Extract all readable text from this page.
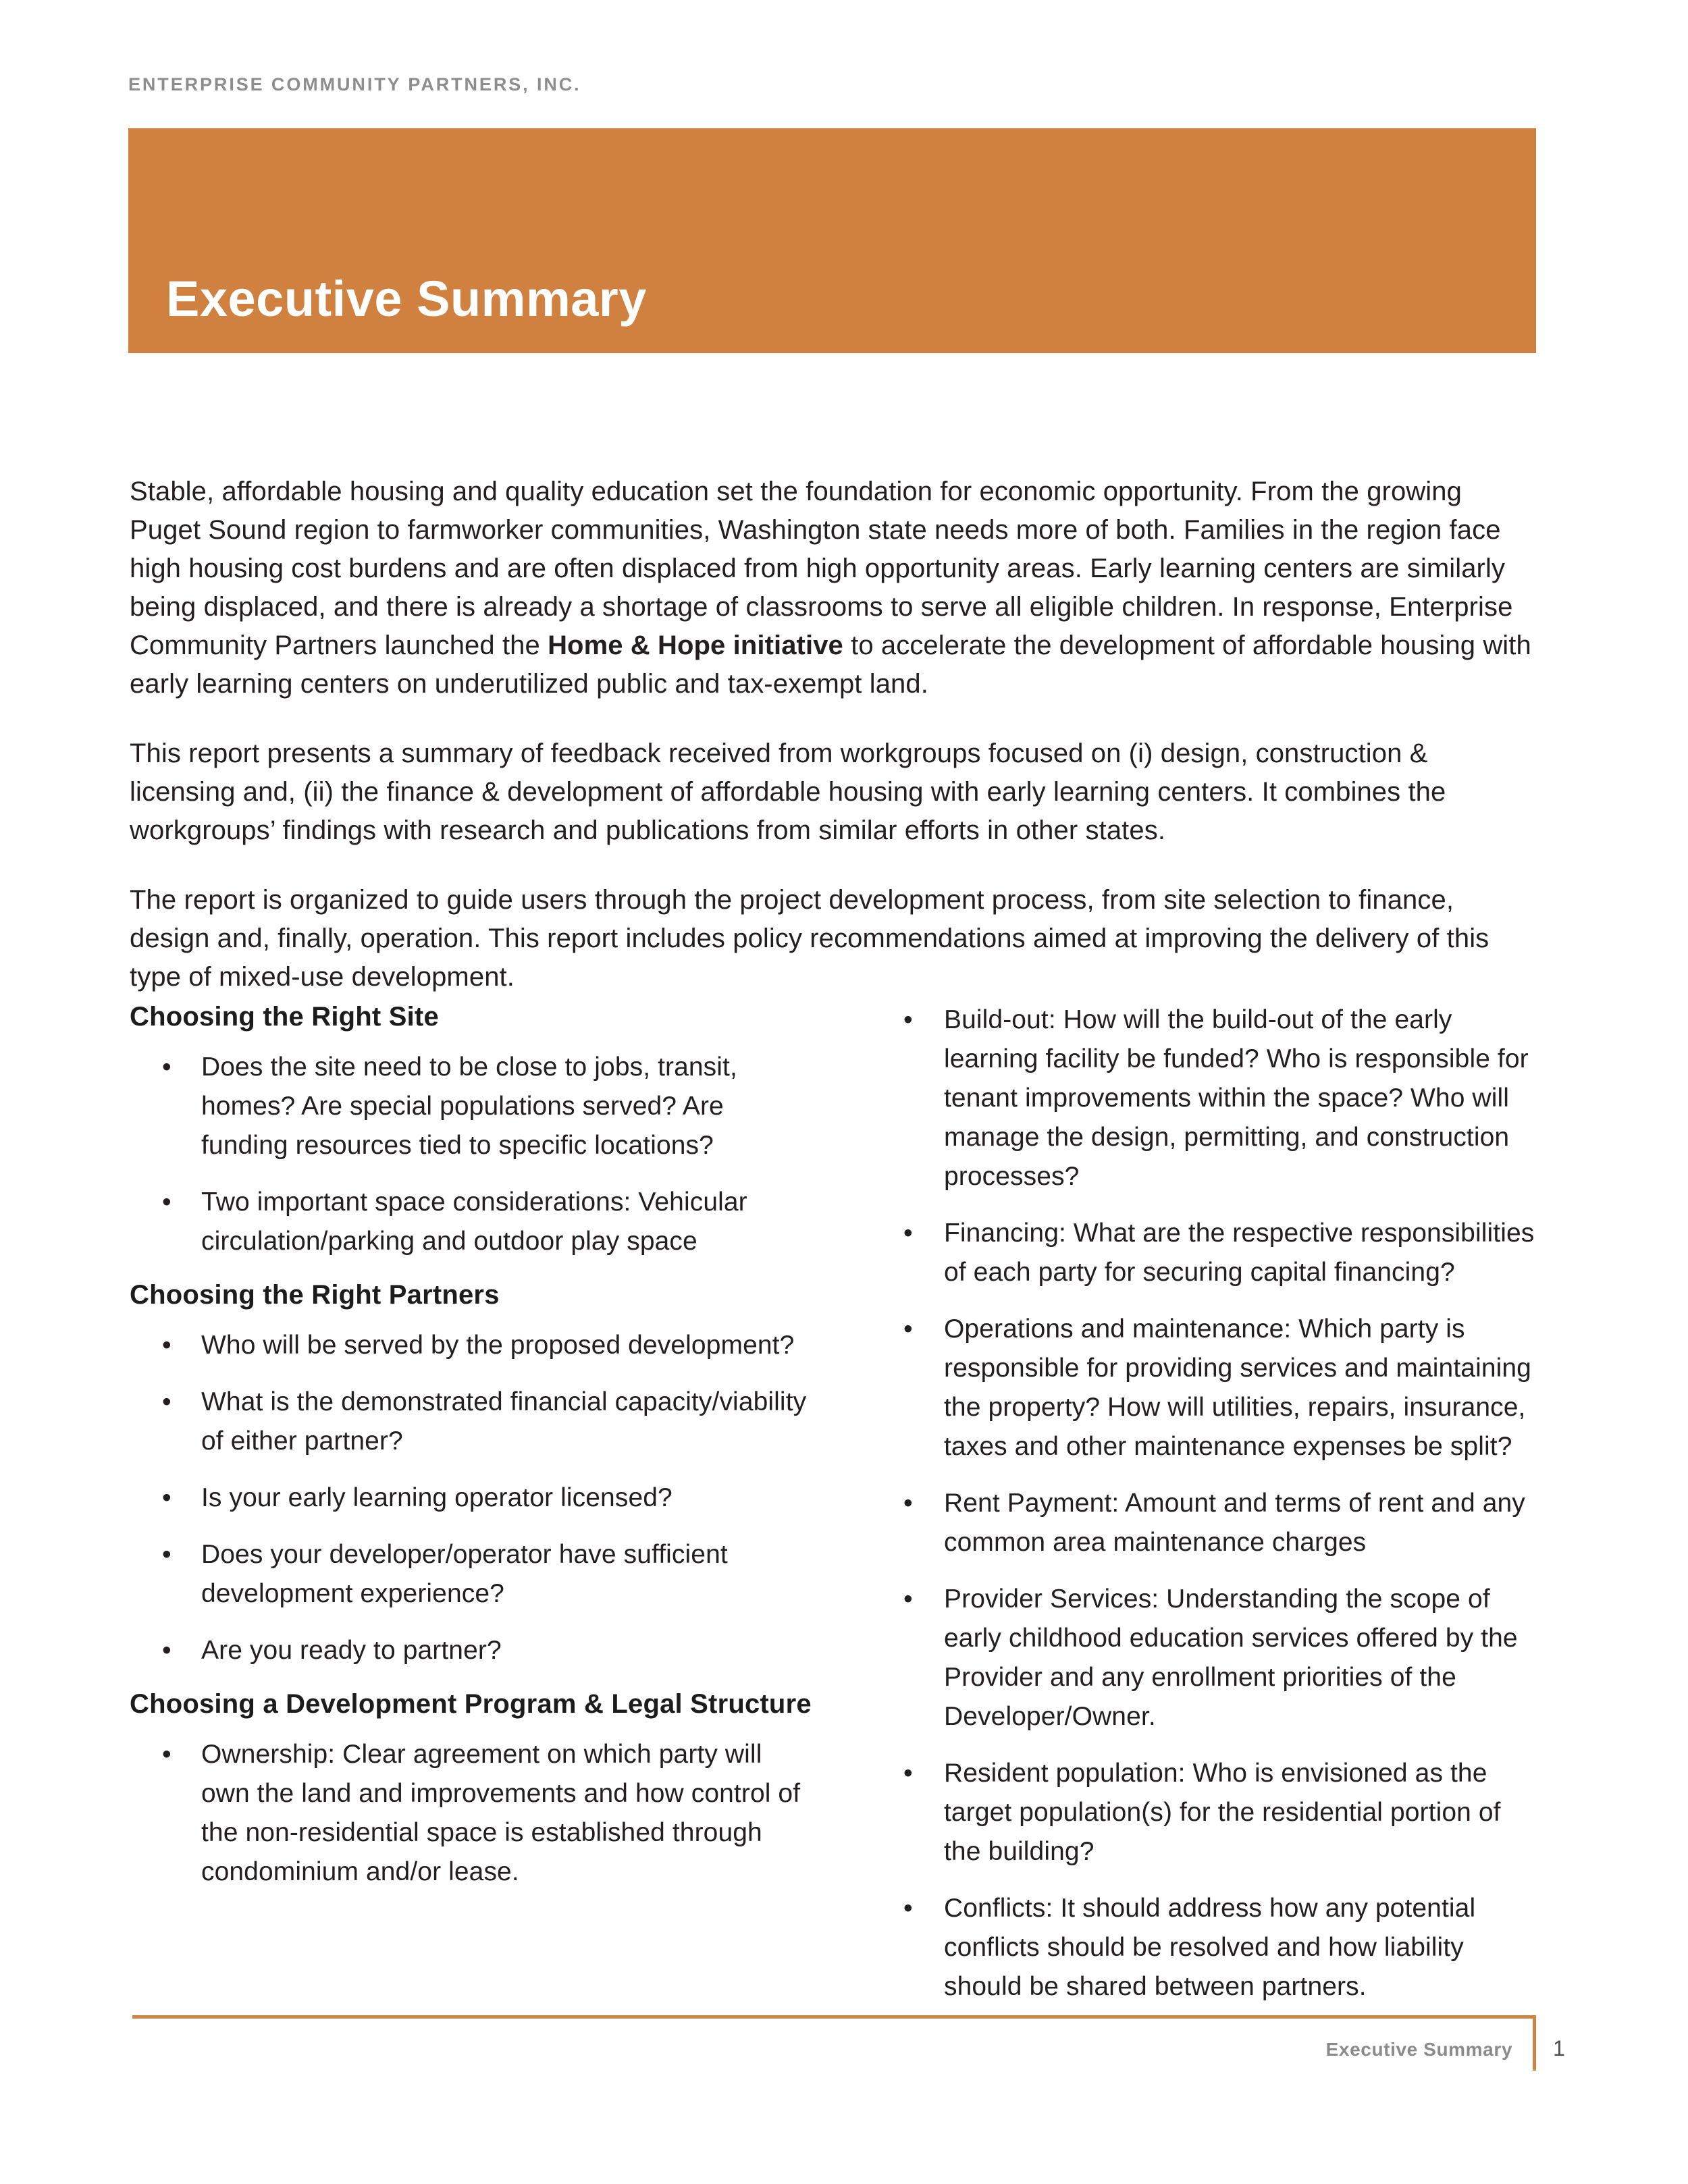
ENTERPRISE COMMUNITY PARTNERS, INC.
Executive Summary

Stable, affordable housing and quality education set the foundation for economic opportunity. From the growing Puget Sound region to farmworker communities, Washington state needs more of both. Families in the region face high housing cost burdens and are often displaced from high opportunity areas. Early learning centers are similarly being displaced, and there is already a shortage of classrooms to serve all eligible children. In response, Enterprise Community Partners launched the Home & Hope initiative to accelerate the development of affordable housing with early learning centers on underutilized public and tax-exempt land.

This report presents a summary of feedback received from workgroups focused on (i) design, construction & licensing and, (ii) the finance & development of affordable housing with early learning centers. It combines the workgroups’ findings with research and publications from similar efforts in other states.

The report is organized to guide users through the project development process, from site selection to finance, design and, finally, operation. This report includes policy recommendations aimed at improving the delivery of this type of mixed-use development.

Choosing the Right Site
• Does the site need to be close to jobs, transit, homes? Are special populations served? Are funding resources tied to specific locations?
• Two important space considerations: Vehicular circulation/parking and outdoor play space
Choosing the Right Partners
• Who will be served by the proposed development?
• What is the demonstrated financial capacity/viability of either partner?
• Is your early learning operator licensed?
• Does your developer/operator have sufficient development experience?
• Are you ready to partner?
Choosing a Development Program & Legal Structure
• Ownership: Clear agreement on which party will own the land and improvements and how control of the non-residential space is established through condominium and/or lease.
• Build-out: How will the build-out of the early learning facility be funded? Who is responsible for tenant improvements within the space? Who will manage the design, permitting, and construction processes?
• Financing: What are the respective responsibilities of each party for securing capital financing?
• Operations and maintenance: Which party is responsible for providing services and maintaining the property? How will utilities, repairs, insurance, taxes and other maintenance expenses be split?
• Rent Payment: Amount and terms of rent and any common area maintenance charges
• Provider Services: Understanding the scope of early childhood education services offered by the Provider and any enrollment priorities of the Developer/Owner.
• Resident population: Who is envisioned as the target population(s) for the residential portion of the building?
• Conflicts: It should address how any potential conflicts should be resolved and how liability should be shared between partners.
Executive Summary 1
